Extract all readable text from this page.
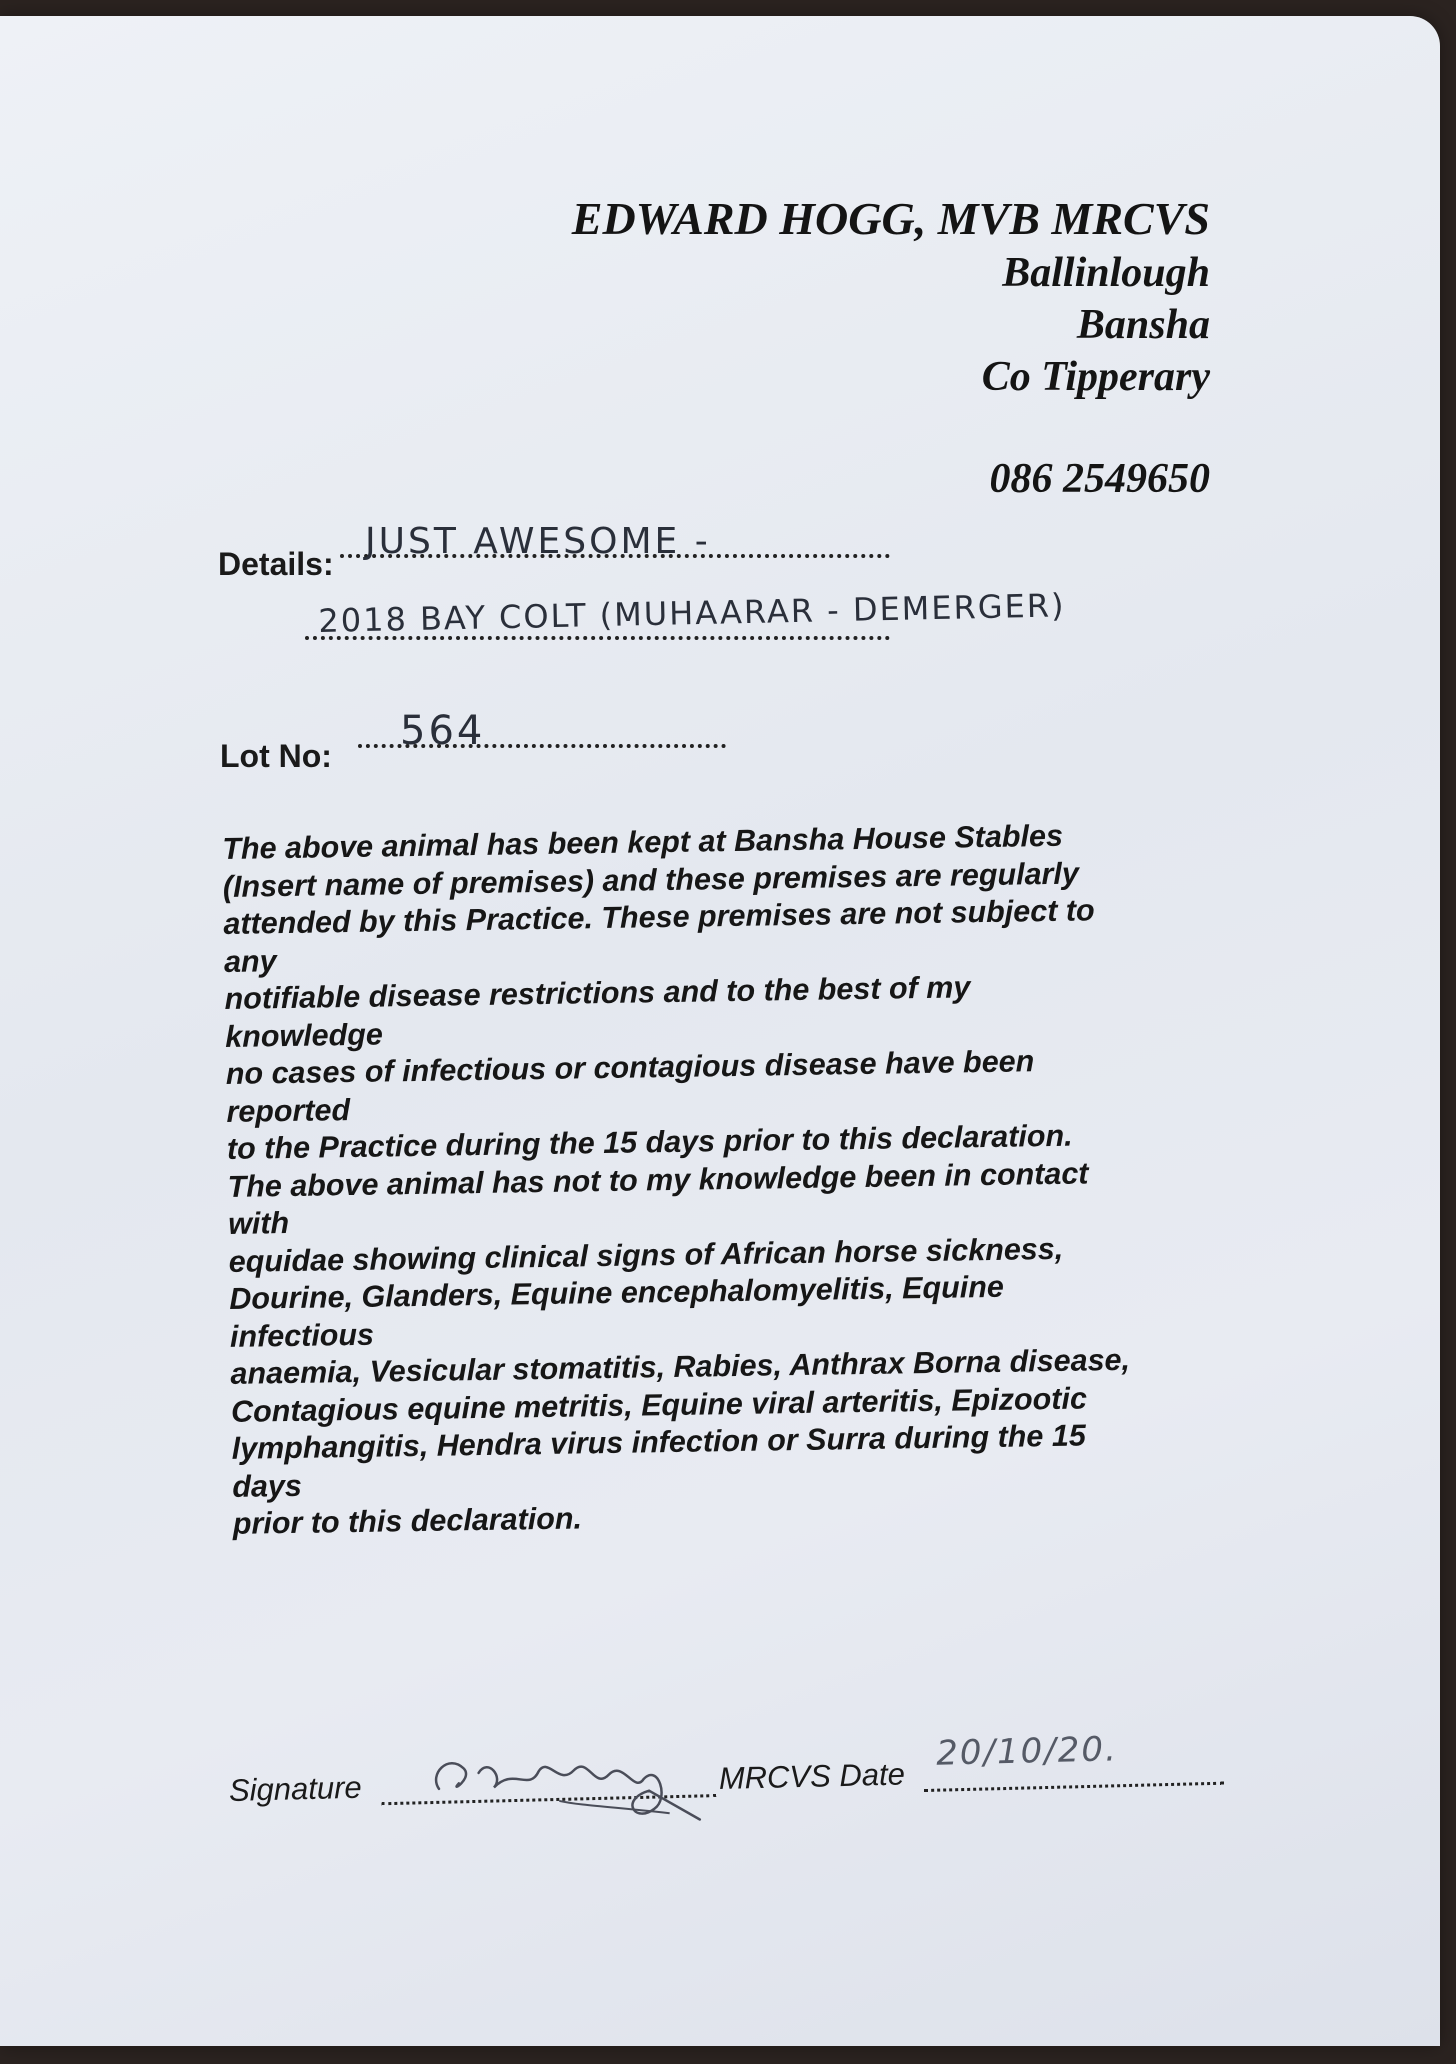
EDWARD HOGG, MVB MRCVS
Ballinlough
Bansha
Co Tipperary
086 2549650
Details:
JUST AWESOME -
2018 BAY COLT (MUHAARAR - DEMERGER)
Lot No:
564
The above animal has been kept at Bansha House Stables
(Insert name of premises) and these premises are regularly
attended by this Practice. These premises are not subject to
any
notifiable disease restrictions and to the best of my
knowledge
no cases of infectious or contagious disease have been
reported
to the Practice during the 15 days prior to this declaration.
The above animal has not to my knowledge been in contact
with
equidae showing clinical signs of African horse sickness,
Dourine, Glanders, Equine encephalomyelitis, Equine
infectious
anaemia, Vesicular stomatitis, Rabies, Anthrax Borna disease,
Contagious equine metritis, Equine viral arteritis, Epizootic
lymphangitis, Hendra virus infection or Surra during the 15
days
prior to this declaration.
Signature	MRCVS Date
20/10/20.
